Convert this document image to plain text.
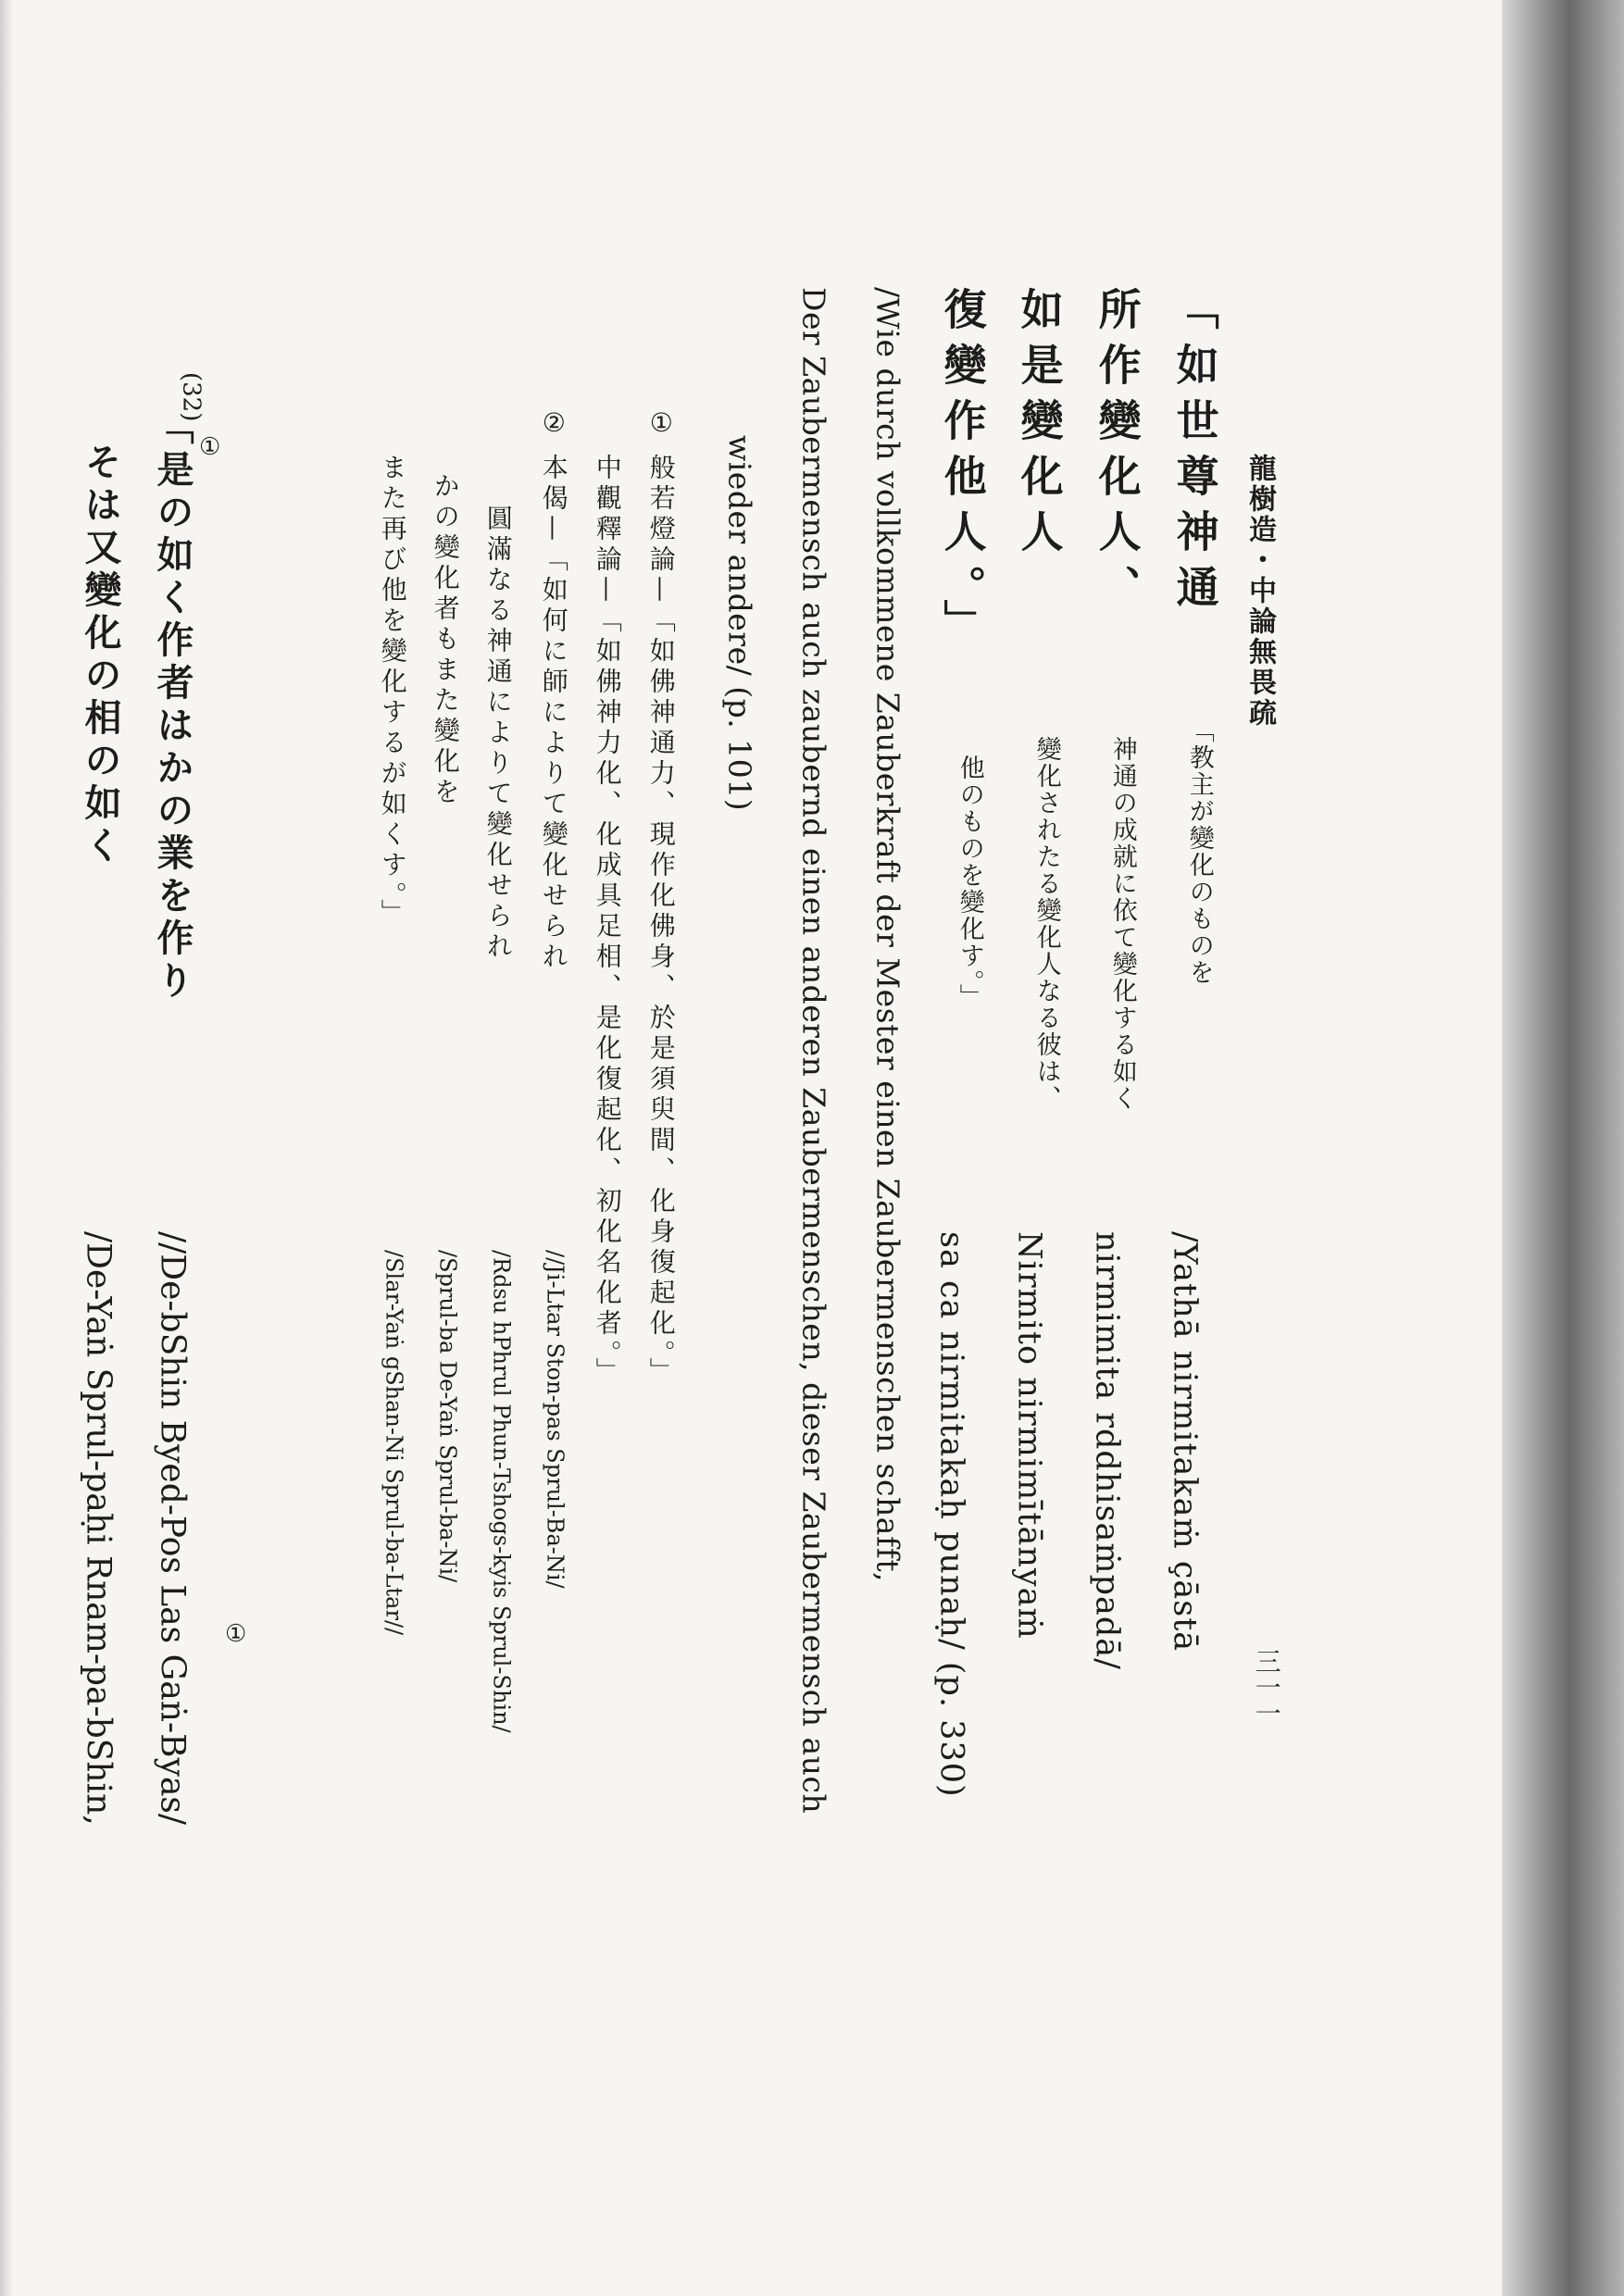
龍樹造・中論無畏疏
三一一
「如世尊神通
所作變化人、
如是變化人
復變作他人。」
「教主が變化のものを
神通の成就に依て變化する如く
變化されたる變化人なる彼は、
他のものを變化す。」
/Yathā nirmitakaṁ çāstā
nirmimita rddhisaṁpadā/
Nirmito nirmimītānyaṁ
sa ca nirmitakaḥ punaḥ/ (p. 330)
/Wie durch vollkommene Zauberkraft der Mester einen Zaubermenschen schafft,
Der Zaubermensch auch zaubernd einen anderen Zaubermenschen, dieser Zaubermensch auch
wieder andere/ (p. 101)
①
般若燈論—「如佛神通力、現作化佛身、於是須臾間、化身復起化。」
中觀釋論—「如佛神力化、化成具足相、是化復起化、初化名化者。」
②
本偈—「如何に師によりて變化せられ
圓滿なる神通によりて變化せられ
かの變化者もまた變化を
また再び他を變化するが如くす。」
//Ji-Ltar Ston-pas Sprul-Ba-Ni/
/Rdsu hPhrul Phun-Tshogs-kyis Sprul-Shin/
/Sprul-ba De-Yaṅ Sprul-ba-Ni/
/Slar-Yaṅ gShan-Ni Sprul-ba-Ltar//
(32)
①
「是の如く作者はかの業を作り
そは又變化の相の如く
①
//De-bShin Byed-Pos Las Gaṅ-Byas/
/De-Yaṅ Sprul-paḥi Rnam-pa-bShin,
